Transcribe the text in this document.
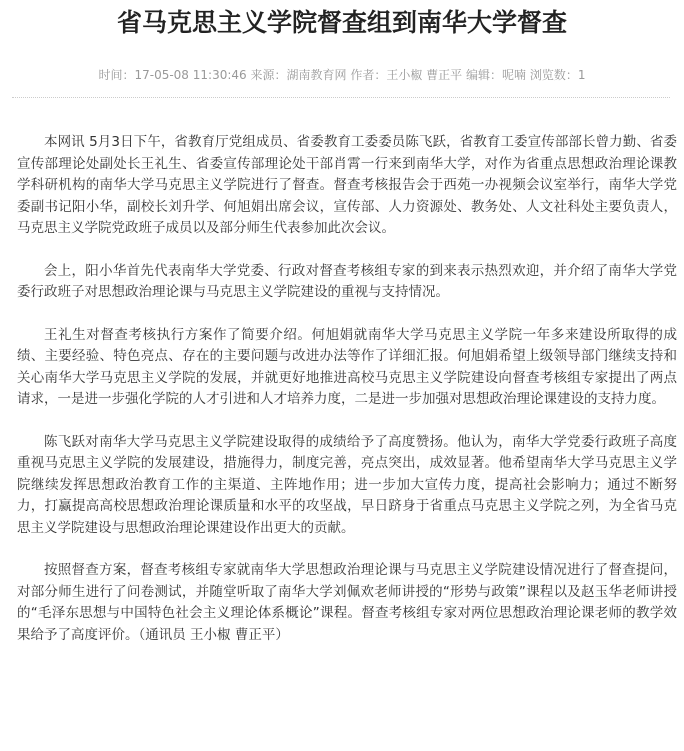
省马克思主义学院督查组到南华大学督查
时间：17-05-08 11:30:46 来源：湖南教育网 作者：王小椒 曹正平 编辑：呢喃 浏览数：1

本网讯 5月3日下午，省教育厅党组成员、省委教育工委委员陈飞跃，省教育工委宣传部部长曾力勤、省委宣传部理论处副处长王礼生、省委宣传部理论处干部肖霄一行来到南华大学，对作为省重点思想政治理论课教学科研机构的南华大学马克思主义学院进行了督查。督查考核报告会于西苑一办视频会议室举行，南华大学党委副书记阳小华，副校长刘升学、何旭娟出席会议，宣传部、人力资源处、教务处、人文社科处主要负责人，马克思主义学院党政班子成员以及部分师生代表参加此次会议。

会上，阳小华首先代表南华大学党委、行政对督查考核组专家的到来表示热烈欢迎，并介绍了南华大学党委行政班子对思想政治理论课与马克思主义学院建设的重视与支持情况。

王礼生对督查考核执行方案作了简要介绍。何旭娟就南华大学马克思主义学院一年多来建设所取得的成绩、主要经验、特色亮点、存在的主要问题与改进办法等作了详细汇报。何旭娟希望上级领导部门继续支持和关心南华大学马克思主义学院的发展，并就更好地推进高校马克思主义学院建设向督查考核组专家提出了两点请求，一是进一步强化学院的人才引进和人才培养力度，二是进一步加强对思想政治理论课建设的支持力度。

陈飞跃对南华大学马克思主义学院建设取得的成绩给予了高度赞扬。他认为，南华大学党委行政班子高度重视马克思主义学院的发展建设，措施得力，制度完善，亮点突出，成效显著。他希望南华大学马克思主义学院继续发挥思想政治教育工作的主渠道、主阵地作用；进一步加大宣传力度，提高社会影响力；通过不断努力，打赢提高高校思想政治理论课质量和水平的攻坚战，早日跻身于省重点马克思主义学院之列，为全省马克思主义学院建设与思想政治理论课建设作出更大的贡献。

按照督查方案，督查考核组专家就南华大学思想政治理论课与马克思主义学院建设情况进行了督查提问，对部分师生进行了问卷测试，并随堂听取了南华大学刘佩欢老师讲授的“形势与政策”课程以及赵玉华老师讲授的“毛泽东思想与中国特色社会主义理论体系概论”课程。督查考核组专家对两位思想政治理论课老师的教学效果给予了高度评价。（通讯员 王小椒 曹正平）
